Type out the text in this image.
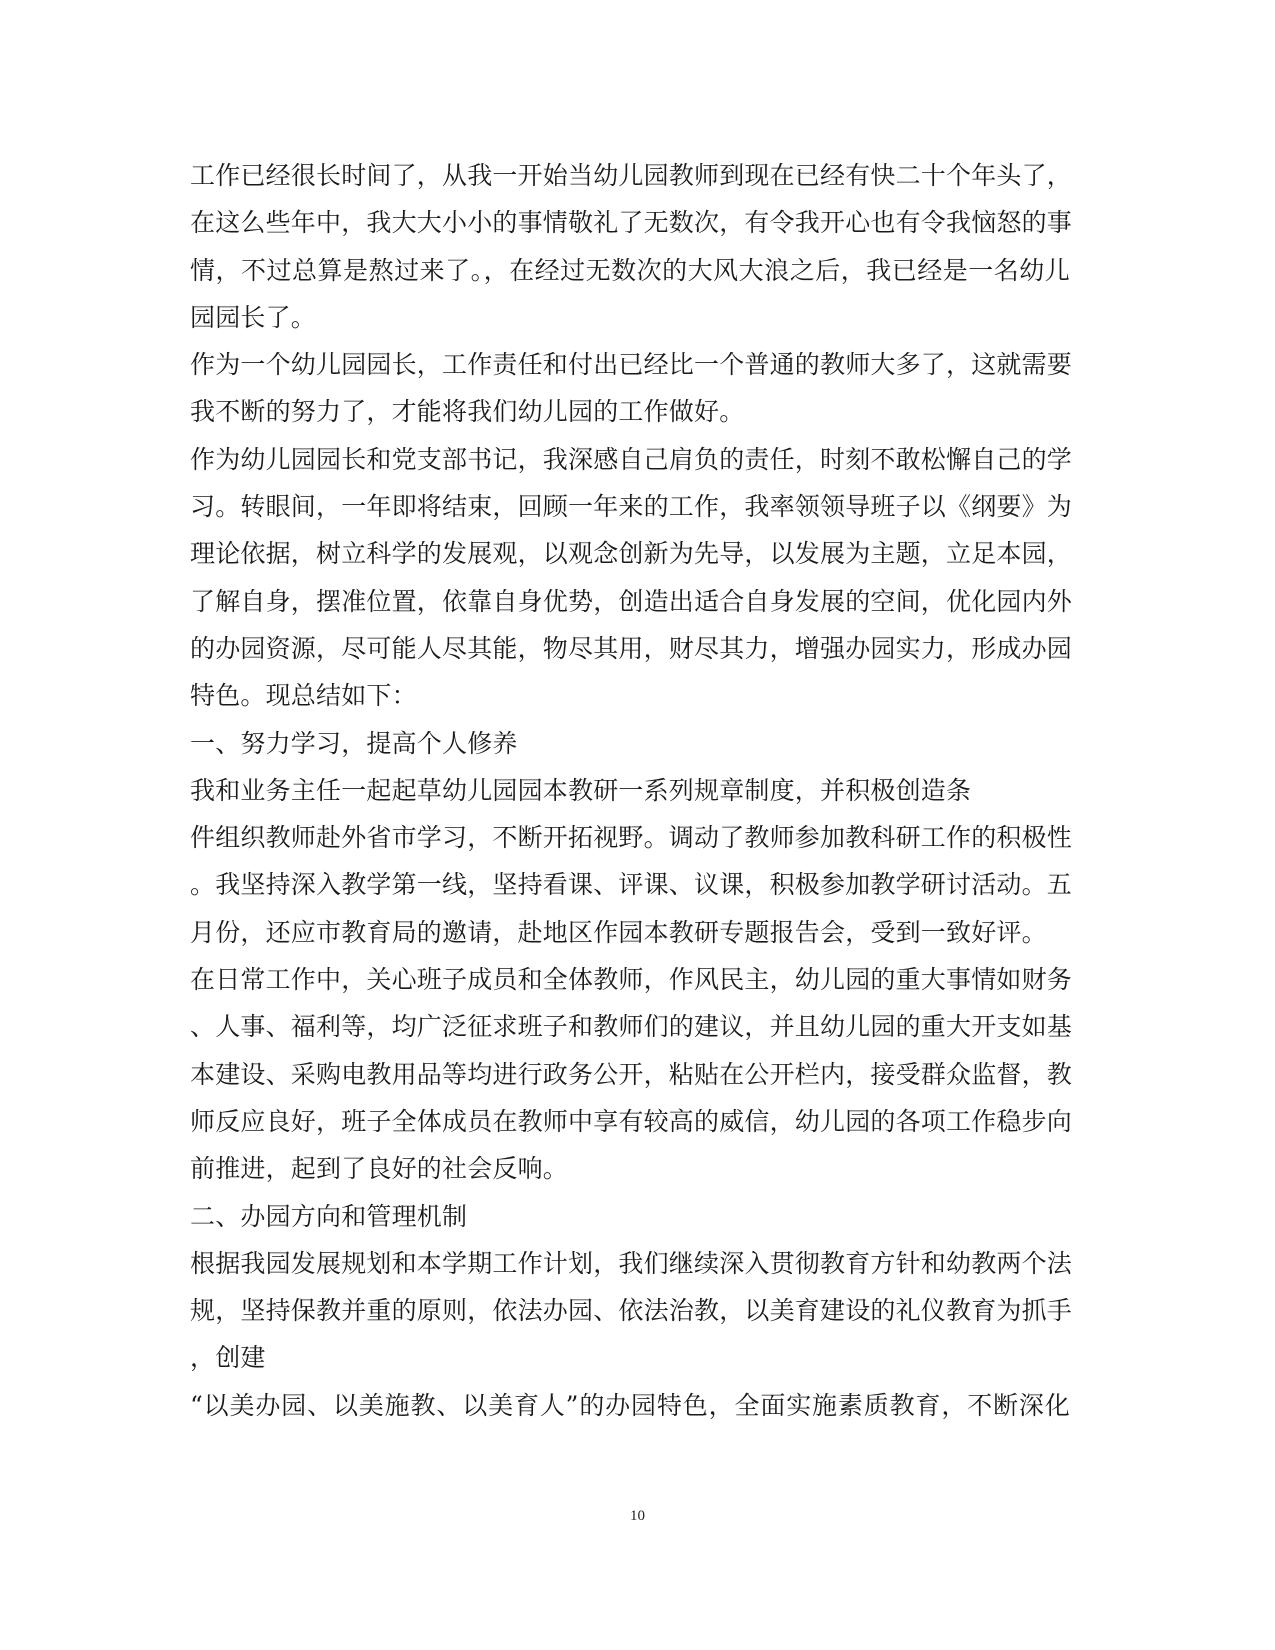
工作已经很长时间了，从我一开始当幼儿园教师到现在已经有快二十个年头了，
在这么些年中，我大大小小的事情敬礼了无数次，有令我开心也有令我恼怒的事
情，不过总算是熬过来了。，在经过无数次的大风大浪之后，我已经是一名幼儿
园园长了。
作为一个幼儿园园长，工作责任和付出已经比一个普通的教师大多了，这就需要
我不断的努力了，才能将我们幼儿园的工作做好。
作为幼儿园园长和党支部书记，我深感自己肩负的责任，时刻不敢松懈自己的学
习。转眼间，一年即将结束，回顾一年来的工作，我率领领导班子以《纲要》为
理论依据，树立科学的发展观，以观念创新为先导，以发展为主题，立足本园，
了解自身，摆准位置，依靠自身优势，创造出适合自身发展的空间，优化园内外
的办园资源，尽可能人尽其能，物尽其用，财尽其力，增强办园实力，形成办园
特色。现总结如下：
一、努力学习，提高个人修养
我和业务主任一起起草幼儿园园本教研一系列规章制度，并积极创造条
件组织教师赴外省市学习，不断开拓视野。调动了教师参加教科研工作的积极性
。我坚持深入教学第一线，坚持看课、评课、议课，积极参加教学研讨活动。五
月份，还应市教育局的邀请，赴地区作园本教研专题报告会，受到一致好评。
在日常工作中，关心班子成员和全体教师，作风民主，幼儿园的重大事情如财务
、人事、福利等，均广泛征求班子和教师们的建议，并且幼儿园的重大开支如基
本建设、采购电教用品等均进行政务公开，粘贴在公开栏内，接受群众监督，教
师反应良好，班子全体成员在教师中享有较高的威信，幼儿园的各项工作稳步向
前推进，起到了良好的社会反响。
二、办园方向和管理机制
根据我园发展规划和本学期工作计划，我们继续深入贯彻教育方针和幼教两个法
规，坚持保教并重的原则，依法办园、依法治教，以美育建设的礼仪教育为抓手
，创建
“以美办园、以美施教、以美育人”的办园特色，全面实施素质教育，不断深化
10
